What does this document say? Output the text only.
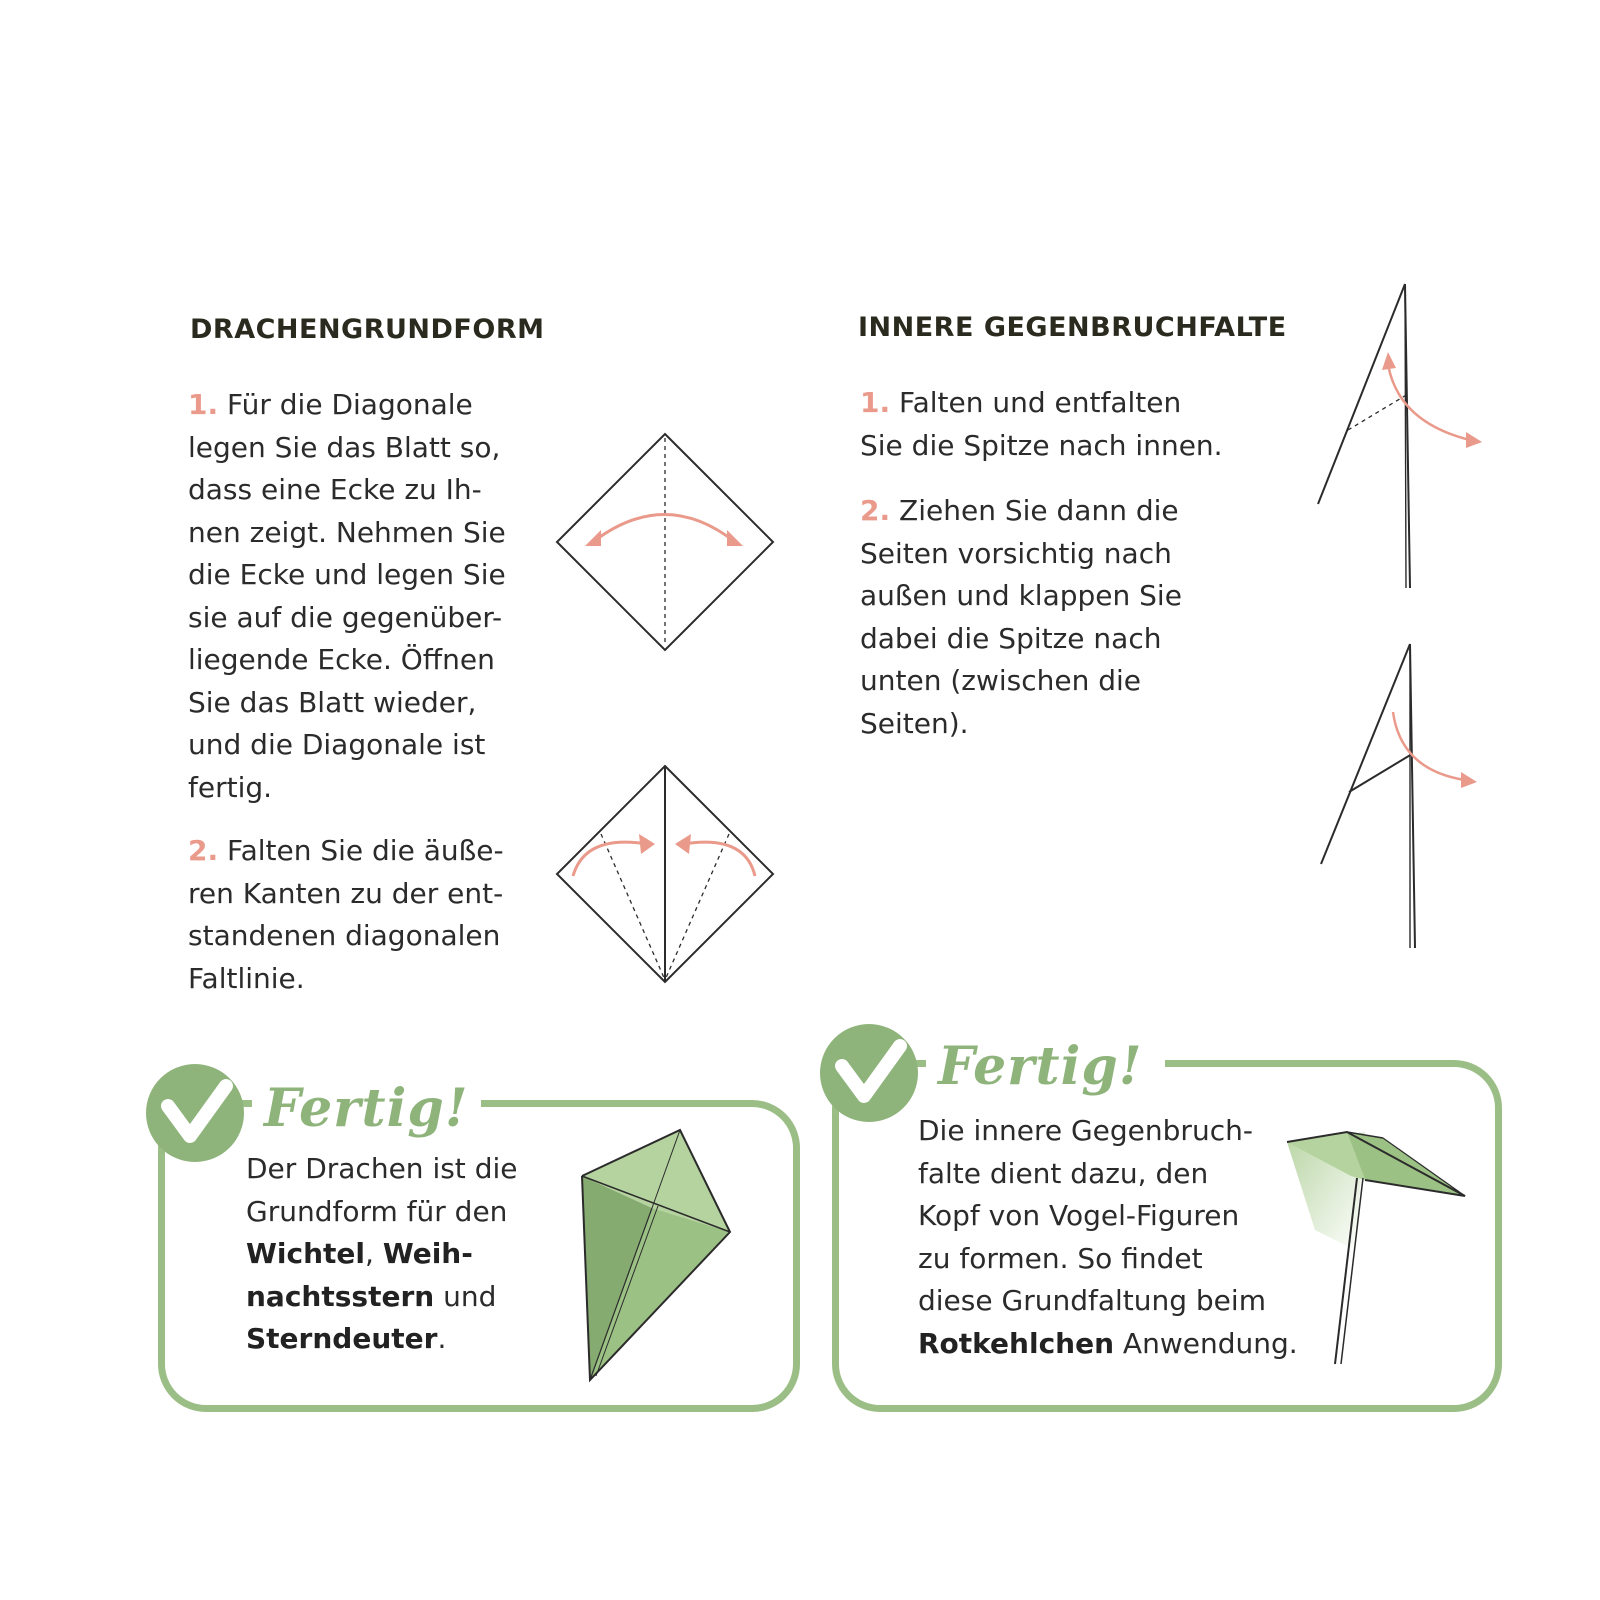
DRACHENGRUNDFORM
1. Für die Diagonale
legen Sie das Blatt so,
dass eine Ecke zu Ih-
nen zeigt. Nehmen Sie
die Ecke und legen Sie
sie auf die gegenüber-
liegende Ecke. Öffnen
Sie das Blatt wieder,
und die Diagonale ist
fertig.
2. Falten Sie die äuße-
ren Kanten zu der ent-
standenen diagonalen
Faltlinie.
INNERE GEGENBRUCHFALTE
1. Falten und entfalten
Sie die Spitze nach innen.
2. Ziehen Sie dann die
Seiten vorsichtig nach
außen und klappen Sie
dabei die Spitze nach
unten (zwischen die
Seiten).
Fertig!
Der Drachen ist die
Grundform für den
Wichtel, Weih-
nachtsstern und
Sterndeuter.
Fertig!
Die innere Gegenbruch-
falte dient dazu, den
Kopf von Vogel-Figuren
zu formen. So findet
diese Grundfaltung beim
Rotkehlchen Anwendung.
